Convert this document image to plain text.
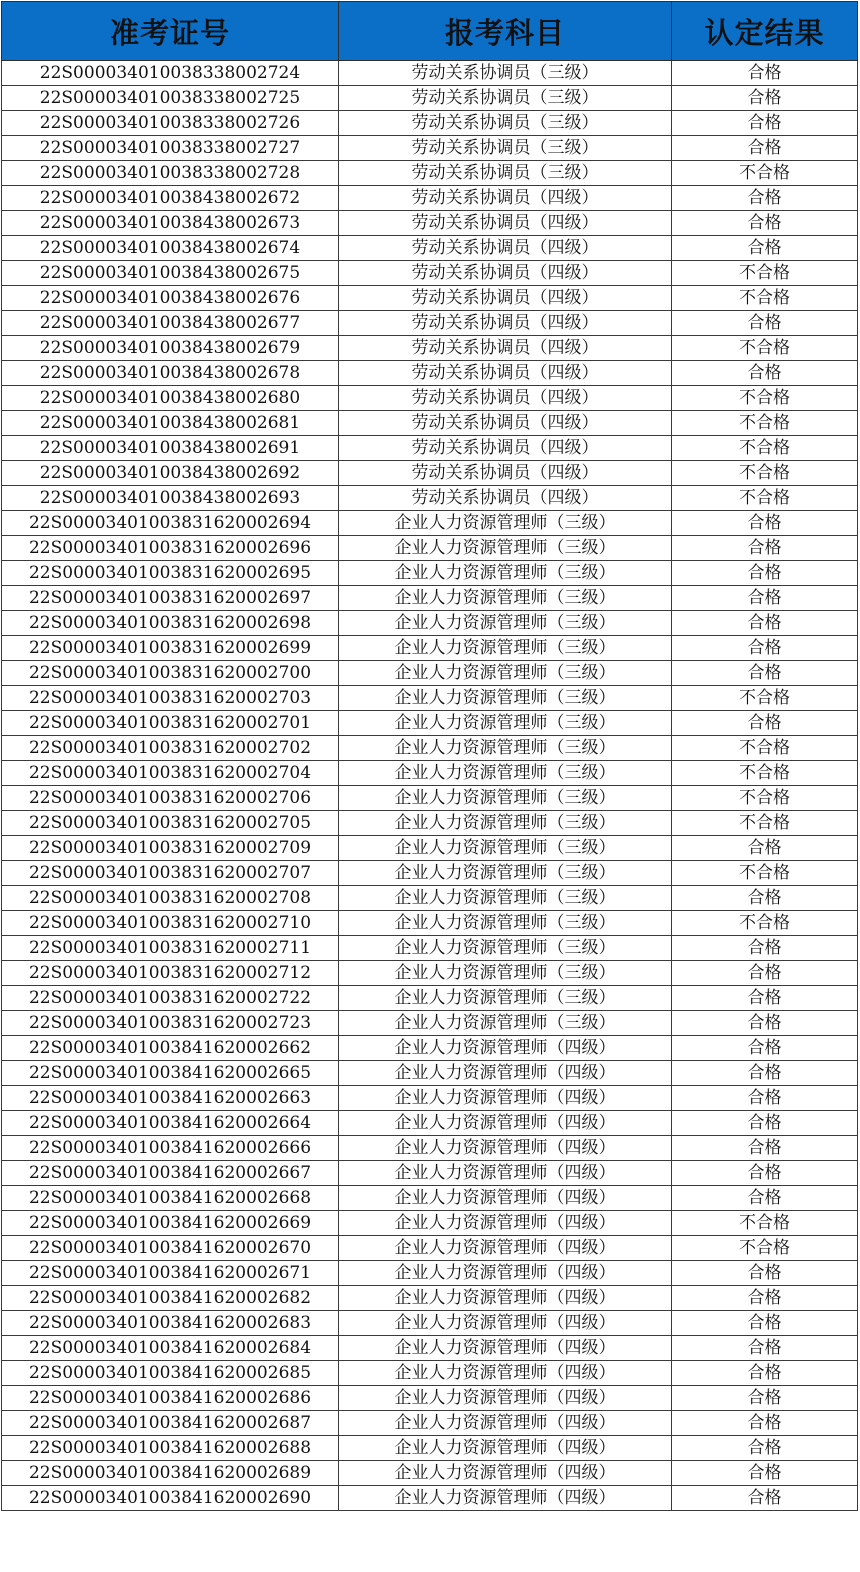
准考证号	报考科目	认定结果
22S000034010038338002724	劳动关系协调员（三级）	合格
22S000034010038338002725	劳动关系协调员（三级）	合格
22S000034010038338002726	劳动关系协调员（三级）	合格
22S000034010038338002727	劳动关系协调员（三级）	合格
22S000034010038338002728	劳动关系协调员（三级）	不合格
22S000034010038438002672	劳动关系协调员（四级）	合格
22S000034010038438002673	劳动关系协调员（四级）	合格
22S000034010038438002674	劳动关系协调员（四级）	合格
22S000034010038438002675	劳动关系协调员（四级）	不合格
22S000034010038438002676	劳动关系协调员（四级）	不合格
22S000034010038438002677	劳动关系协调员（四级）	合格
22S000034010038438002679	劳动关系协调员（四级）	不合格
22S000034010038438002678	劳动关系协调员（四级）	合格
22S000034010038438002680	劳动关系协调员（四级）	不合格
22S000034010038438002681	劳动关系协调员（四级）	不合格
22S000034010038438002691	劳动关系协调员（四级）	不合格
22S000034010038438002692	劳动关系协调员（四级）	不合格
22S000034010038438002693	劳动关系协调员（四级）	不合格
22S00003401003831620002694	企业人力资源管理师（三级）	合格
22S00003401003831620002696	企业人力资源管理师（三级）	合格
22S00003401003831620002695	企业人力资源管理师（三级）	合格
22S00003401003831620002697	企业人力资源管理师（三级）	合格
22S00003401003831620002698	企业人力资源管理师（三级）	合格
22S00003401003831620002699	企业人力资源管理师（三级）	合格
22S00003401003831620002700	企业人力资源管理师（三级）	合格
22S00003401003831620002703	企业人力资源管理师（三级）	不合格
22S00003401003831620002701	企业人力资源管理师（三级）	合格
22S00003401003831620002702	企业人力资源管理师（三级）	不合格
22S00003401003831620002704	企业人力资源管理师（三级）	不合格
22S00003401003831620002706	企业人力资源管理师（三级）	不合格
22S00003401003831620002705	企业人力资源管理师（三级）	不合格
22S00003401003831620002709	企业人力资源管理师（三级）	合格
22S00003401003831620002707	企业人力资源管理师（三级）	不合格
22S00003401003831620002708	企业人力资源管理师（三级）	合格
22S00003401003831620002710	企业人力资源管理师（三级）	不合格
22S00003401003831620002711	企业人力资源管理师（三级）	合格
22S00003401003831620002712	企业人力资源管理师（三级）	合格
22S00003401003831620002722	企业人力资源管理师（三级）	合格
22S00003401003831620002723	企业人力资源管理师（三级）	合格
22S00003401003841620002662	企业人力资源管理师（四级）	合格
22S00003401003841620002665	企业人力资源管理师（四级）	合格
22S00003401003841620002663	企业人力资源管理师（四级）	合格
22S00003401003841620002664	企业人力资源管理师（四级）	合格
22S00003401003841620002666	企业人力资源管理师（四级）	合格
22S00003401003841620002667	企业人力资源管理师（四级）	合格
22S00003401003841620002668	企业人力资源管理师（四级）	合格
22S00003401003841620002669	企业人力资源管理师（四级）	不合格
22S00003401003841620002670	企业人力资源管理师（四级）	不合格
22S00003401003841620002671	企业人力资源管理师（四级）	合格
22S00003401003841620002682	企业人力资源管理师（四级）	合格
22S00003401003841620002683	企业人力资源管理师（四级）	合格
22S00003401003841620002684	企业人力资源管理师（四级）	合格
22S00003401003841620002685	企业人力资源管理师（四级）	合格
22S00003401003841620002686	企业人力资源管理师（四级）	合格
22S00003401003841620002687	企业人力资源管理师（四级）	合格
22S00003401003841620002688	企业人力资源管理师（四级）	合格
22S00003401003841620002689	企业人力资源管理师（四级）	合格
22S00003401003841620002690	企业人力资源管理师（四级）	合格
